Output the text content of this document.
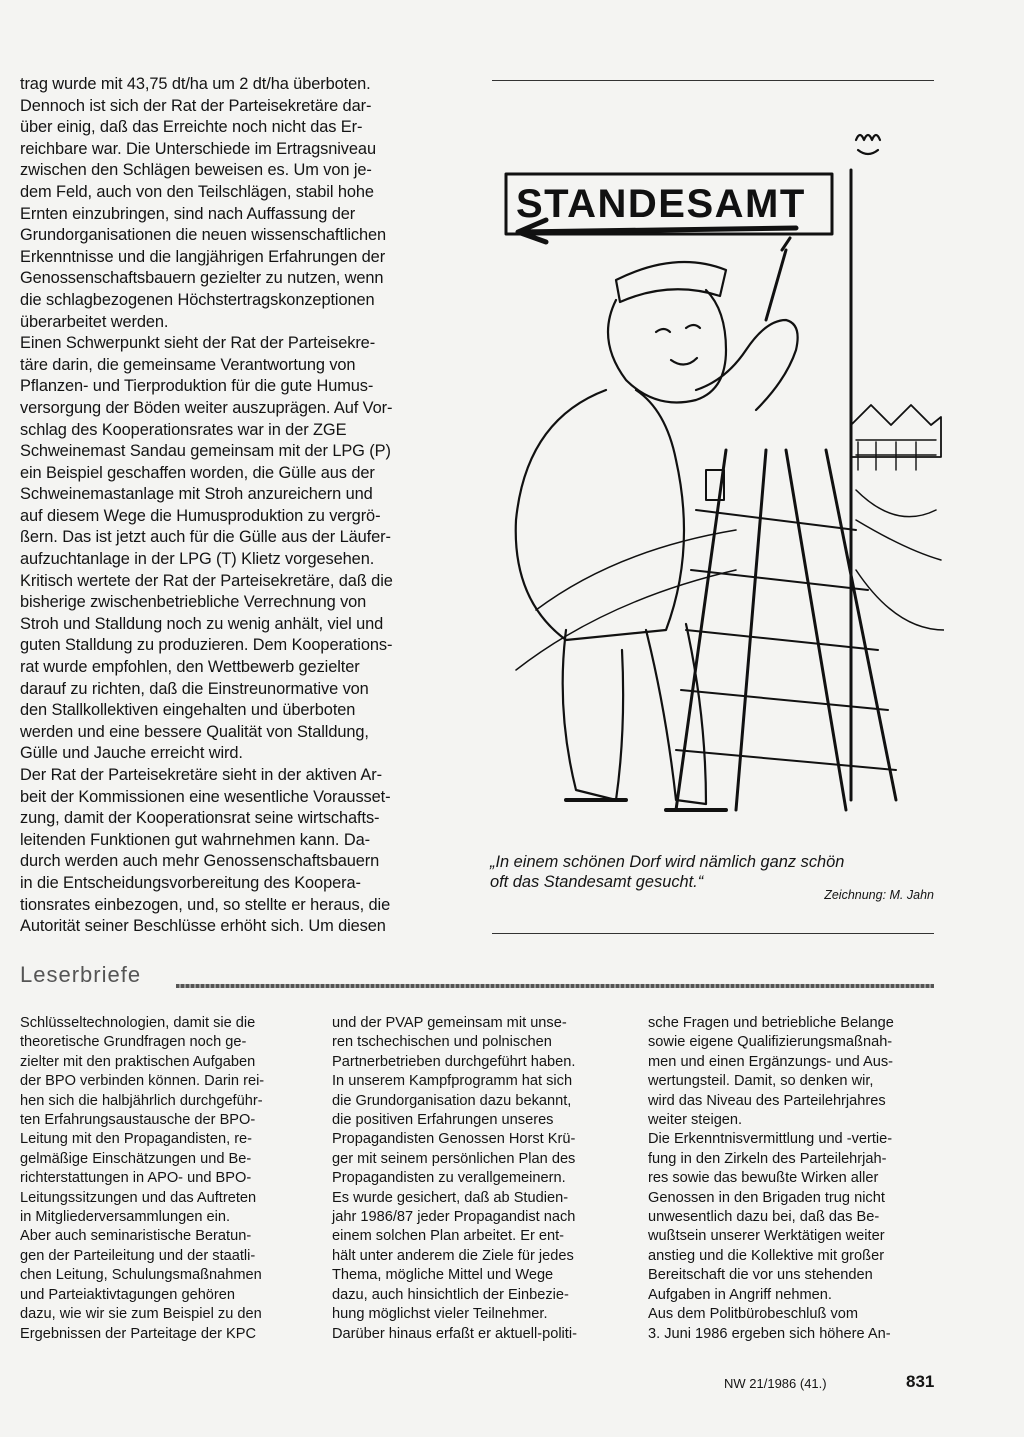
trag wurde mit 43,75 dt/ha um 2 dt/ha überboten.
Dennoch ist sich der Rat der Parteisekretäre dar-
über einig, daß das Erreichte noch nicht das Er-
reichbare war. Die Unterschiede im Ertragsniveau
zwischen den Schlägen beweisen es. Um von je-
dem Feld, auch von den Teilschlägen, stabil hohe
Ernten einzubringen, sind nach Auffassung der
Grundorganisationen die neuen wissenschaftlichen
Erkenntnisse und die langjährigen Erfahrungen der
Genossenschaftsbauern gezielter zu nutzen, wenn
die schlagbezogenen Höchstertragskonzeptionen
überarbeitet werden.

Einen Schwerpunkt sieht der Rat der Parteisekre-
täre darin, die gemeinsame Verantwortung von
Pflanzen- und Tierproduktion für die gute Humus-
versorgung der Böden weiter auszuprägen. Auf Vor-
schlag des Kooperationsrates war in der ZGE
Schweinemast Sandau gemeinsam mit der LPG (P)
ein Beispiel geschaffen worden, die Gülle aus der
Schweinemastanlage mit Stroh anzureichern und
auf diesem Wege die Humusproduktion zu vergrö-
ßern. Das ist jetzt auch für die Gülle aus der Läufer-
aufzuchtanlage in der LPG (T) Klietz vorgesehen.

Kritisch wertete der Rat der Parteisekretäre, daß die
bisherige zwischenbetriebliche Verrechnung von
Stroh und Stalldung noch zu wenig anhält, viel und
guten Stalldung zu produzieren. Dem Kooperations-
rat wurde empfohlen, den Wettbewerb gezielter
darauf zu richten, daß die Einstreunormative von
den Stallkollektiven eingehalten und überboten
werden und eine bessere Qualität von Stalldung,
Gülle und Jauche erreicht wird.

Der Rat der Parteisekretäre sieht in der aktiven Ar-
beit der Kommissionen eine wesentliche Vorausset-
zung, damit der Kooperationsrat seine wirtschafts-
leitenden Funktionen gut wahrnehmen kann. Da-
durch werden auch mehr Genossenschaftsbauern
in die Entscheidungsvorbereitung des Koopera-
tionsrates einbezogen, und, so stellte er heraus, die
Autorität seiner Beschlüsse erhöht sich. Um diesen

STANDESAMT
„In einem schönen Dorf wird nämlich ganz schön
oft das Standesamt gesucht.“
Zeichnung: M. Jahn
Leserbriefe

Schlüsseltechnologien, damit sie die
theoretische Grundfragen noch ge-
zielter mit den praktischen Aufgaben
der BPO verbinden können. Darin rei-
hen sich die halbjährlich durchgeführ-
ten Erfahrungsaustausche der BPO-
Leitung mit den Propagandisten, re-
gelmäßige Einschätzungen und Be-
richterstattungen in APO- und BPO-
Leitungssitzungen und das Auftreten
in Mitgliederversammlungen ein.
Aber auch seminaristische Beratun-
gen der Parteileitung und der staatli-
chen Leitung, Schulungsmaßnahmen
und Parteiaktivtagungen gehören
dazu, wie wir sie zum Beispiel zu den
Ergebnissen der Parteitage der KPC

und der PVAP gemeinsam mit unse-
ren tschechischen und polnischen
Partnerbetrieben durchgeführt haben.
In unserem Kampfprogramm hat sich
die Grundorganisation dazu bekannt,
die positiven Erfahrungen unseres
Propagandisten Genossen Horst Krü-
ger mit seinem persönlichen Plan des
Propagandisten zu verallgemeinern.
Es wurde gesichert, daß ab Studien-
jahr 1986/87 jeder Propagandist nach
einem solchen Plan arbeitet. Er ent-
hält unter anderem die Ziele für jedes
Thema, mögliche Mittel und Wege
dazu, auch hinsichtlich der Einbezie-
hung möglichst vieler Teilnehmer.
Darüber hinaus erfaßt er aktuell-politi-

sche Fragen und betriebliche Belange
sowie eigene Qualifizierungsmaßnah-
men und einen Ergänzungs- und Aus-
wertungsteil. Damit, so denken wir,
wird das Niveau des Parteilehrjahres
weiter steigen.
Die Erkenntnisvermittlung und -vertie-
fung in den Zirkeln des Parteilehrjah-
res sowie das bewußte Wirken aller
Genossen in den Brigaden trug nicht
unwesentlich dazu bei, daß das Be-
wußtsein unserer Werktätigen weiter
anstieg und die Kollektive mit großer
Bereitschaft die vor uns stehenden
Aufgaben in Angriff nehmen.
Aus dem Politbürobeschluß vom
3. Juni 1986 ergeben sich höhere An-

NW 21/1986 (41.)	831
